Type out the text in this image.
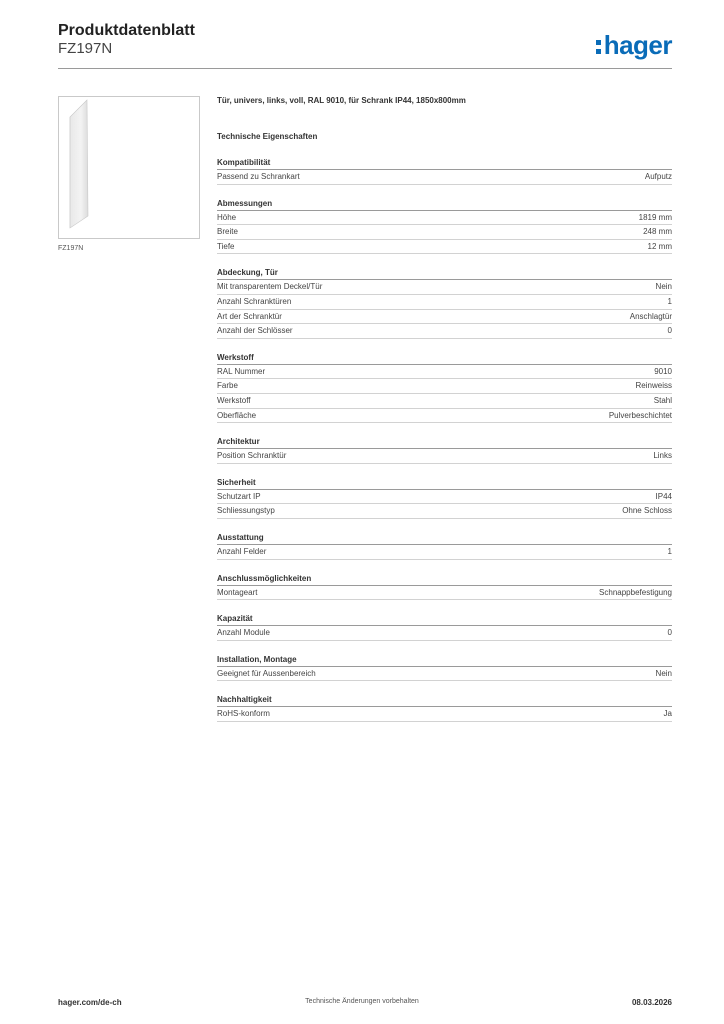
Produktdatenblatt
FZ197N	hager
FZ197N
Tür, univers, links, voll, RAL 9010, für Schrank IP44, 1850x800mm
Technische Eigenschaften
Kompatibilität
Passend zu Schrankart	Aufputz
Abmessungen
Höhe	1819 mm
Breite	248 mm
Tiefe	12 mm
Abdeckung, Tür
Mit transparentem Deckel/Tür	Nein
Anzahl Schranktüren	1
Art der Schranktür	Anschlagtür
Anzahl der Schlösser	0
Werkstoff
RAL Nummer	9010
Farbe	Reinweiss
Werkstoff	Stahl
Oberfläche	Pulverbeschichtet
Architektur
Position Schranktür	Links
Sicherheit
Schutzart IP	IP44
Schliessungstyp	Ohne Schloss
Ausstattung
Anzahl Felder	1
Anschlussmöglichkeiten
Montageart	Schnappbefestigung
Kapazität
Anzahl Module	0
Installation, Montage
Geeignet für Aussenbereich	Nein
Nachhaltigkeit
RoHS-konform	Ja
hager.com/de-ch	Technische Änderungen vorbehalten	08.03.2026
